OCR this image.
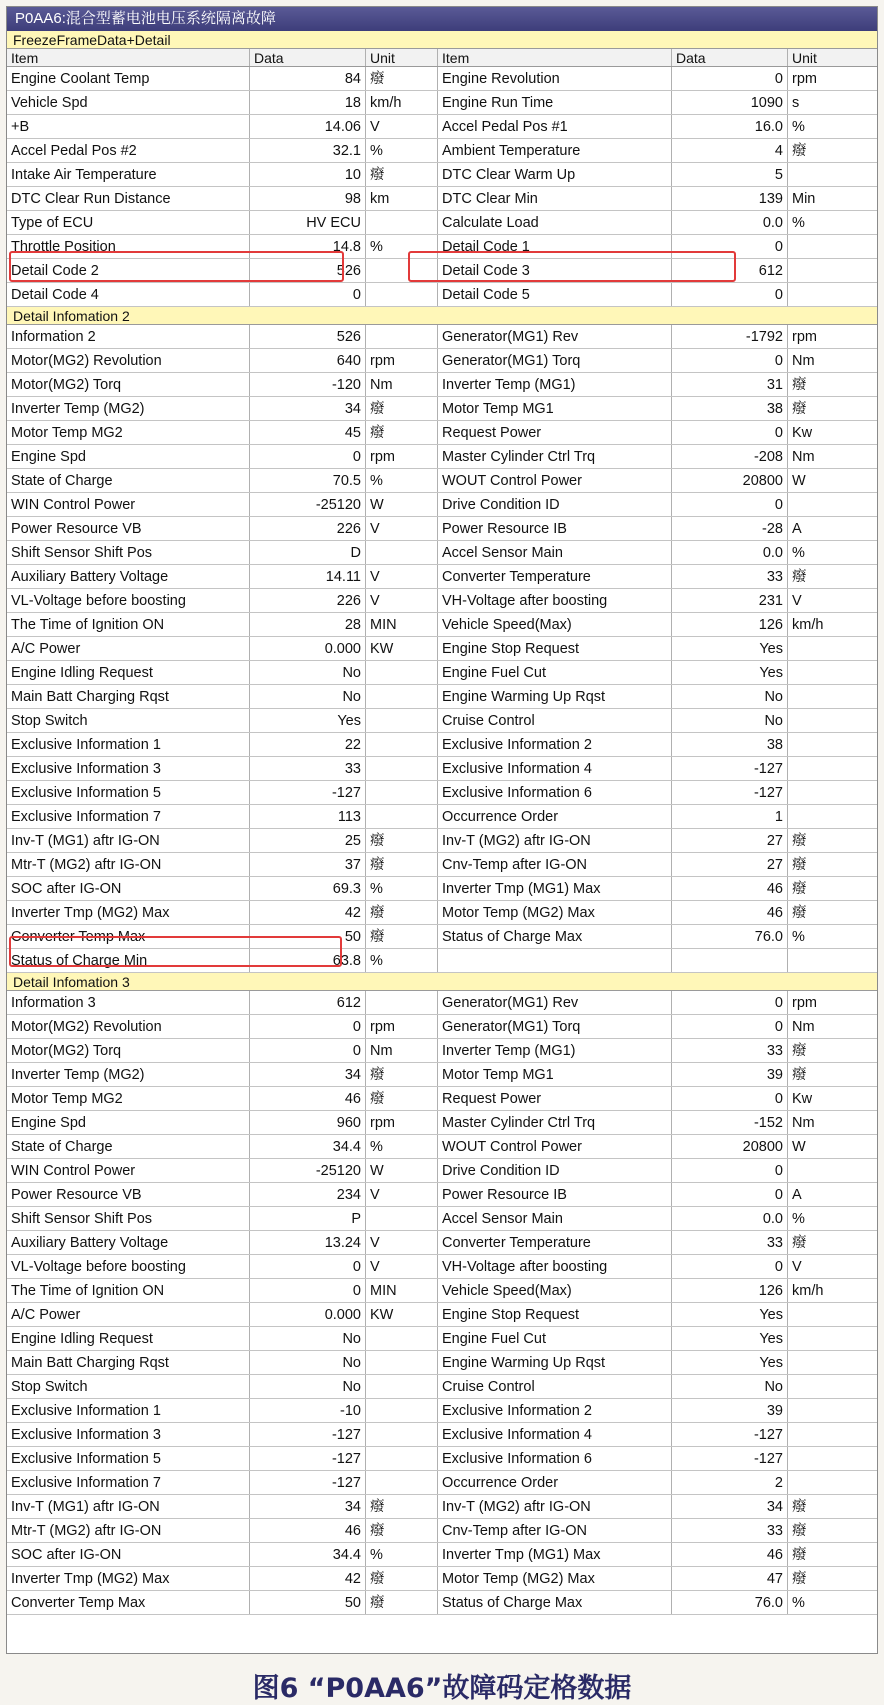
P0AA6:混合型蓄电池电压系统隔离故障
FreezeFrameData+Detail
Item	Data	Unit	Item	Data	Unit
Engine Coolant Temp	84 癈	Engine Revolution	0 rpm
Vehicle Spd	18 km/h	Engine Run Time	1090 s
+B	14.06 V	Accel Pedal Pos #1	16.0 %
Accel Pedal Pos #2	32.1 %	Ambient Temperature	4 癈
Intake Air Temperature	10 癈	DTC Clear Warm Up	5
DTC Clear Run Distance	98 km	DTC Clear Min	139 Min
Type of ECU	HV ECU	Calculate Load	0.0 %
Throttle Position	14.8 %	Detail Code 1	0
Detail Code 2	526	Detail Code 3	612
Detail Code 4	0	Detail Code 5	0
Detail Infomation 2
Information 2	526	Generator(MG1) Rev	-1792 rpm
Motor(MG2) Revolution	640 rpm	Generator(MG1) Torq	0 Nm
Motor(MG2) Torq	-120 Nm	Inverter Temp (MG1)	31 癈
Inverter Temp (MG2)	34 癈	Motor Temp MG1	38 癈
Motor Temp MG2	45 癈	Request Power	0 Kw
Engine Spd	0 rpm	Master Cylinder Ctrl Trq	-208 Nm
State of Charge	70.5 %	WOUT Control Power	20800 W
WIN Control Power	-25120 W	Drive Condition ID	0
Power Resource VB	226 V	Power Resource IB	-28 A
Shift Sensor Shift Pos	D	Accel Sensor Main	0.0 %
Auxiliary Battery Voltage	14.11 V	Converter Temperature	33 癈
VL-Voltage before boosting	226 V	VH-Voltage after boosting	231 V
The Time of Ignition ON	28 MIN	Vehicle Speed(Max)	126 km/h
A/C Power	0.000 KW	Engine Stop Request	Yes
Engine Idling Request	No	Engine Fuel Cut	Yes
Main Batt Charging Rqst	No	Engine Warming Up Rqst	No
Stop Switch	Yes	Cruise Control	No
Exclusive Information 1	22	Exclusive Information 2	38
Exclusive Information 3	33	Exclusive Information 4	-127
Exclusive Information 5	-127	Exclusive Information 6	-127
Exclusive Information 7	113	Occurrence Order	1
Inv-T (MG1) aftr IG-ON	25 癈	Inv-T (MG2) aftr IG-ON	27 癈
Mtr-T (MG2) aftr IG-ON	37 癈	Cnv-Temp after IG-ON	27 癈
SOC after IG-ON	69.3 %	Inverter Tmp (MG1) Max	46 癈
Inverter Tmp (MG2) Max	42 癈	Motor Temp (MG2) Max	46 癈
Converter Temp Max	50 癈	Status of Charge Max	76.0 %
Status of Charge Min	63.8 %
Detail Infomation 3
Information 3	612	Generator(MG1) Rev	0 rpm
Motor(MG2) Revolution	0 rpm	Generator(MG1) Torq	0 Nm
Motor(MG2) Torq	0 Nm	Inverter Temp (MG1)	33 癈
Inverter Temp (MG2)	34 癈	Motor Temp MG1	39 癈
Motor Temp MG2	46 癈	Request Power	0 Kw
Engine Spd	960 rpm	Master Cylinder Ctrl Trq	-152 Nm
State of Charge	34.4 %	WOUT Control Power	20800 W
WIN Control Power	-25120 W	Drive Condition ID	0
Power Resource VB	234 V	Power Resource IB	0 A
Shift Sensor Shift Pos	P	Accel Sensor Main	0.0 %
Auxiliary Battery Voltage	13.24 V	Converter Temperature	33 癈
VL-Voltage before boosting	0 V	VH-Voltage after boosting	0 V
The Time of Ignition ON	0 MIN	Vehicle Speed(Max)	126 km/h
A/C Power	0.000 KW	Engine Stop Request	Yes
Engine Idling Request	No	Engine Fuel Cut	Yes
Main Batt Charging Rqst	No	Engine Warming Up Rqst	Yes
Stop Switch	No	Cruise Control	No
Exclusive Information 1	-10	Exclusive Information 2	39
Exclusive Information 3	-127	Exclusive Information 4	-127
Exclusive Information 5	-127	Exclusive Information 6	-127
Exclusive Information 7	-127	Occurrence Order	2
Inv-T (MG1) aftr IG-ON	34 癈	Inv-T (MG2) aftr IG-ON	34 癈
Mtr-T (MG2) aftr IG-ON	46 癈	Cnv-Temp after IG-ON	33 癈
SOC after IG-ON	34.4 %	Inverter Tmp (MG1) Max	46 癈
Inverter Tmp (MG2) Max	42 癈	Motor Temp (MG2) Max	47 癈
Converter Temp Max	50 癈	Status of Charge Max	76.0 %
图6 “P0AA6”故障码定格数据
